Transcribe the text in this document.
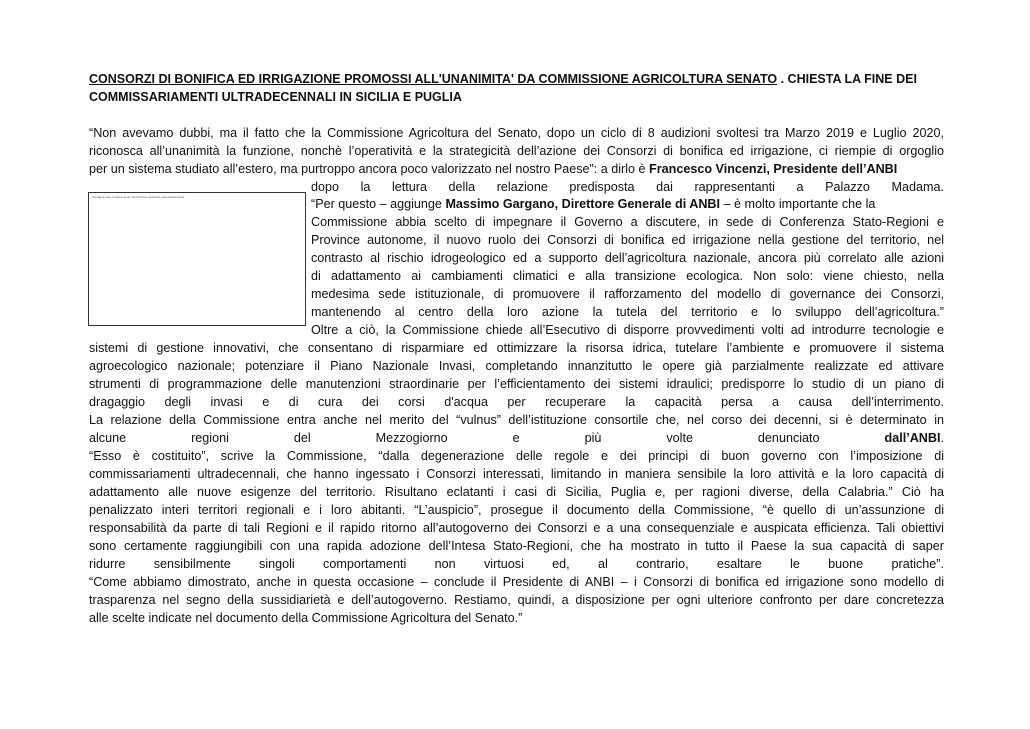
CONSORZI DI BONIFICA ED IRRIGAZIONE PROMOSSI ALL'UNANIMITA' DA COMMISSIONE AGRICOLTURA SENATO . CHIESTA LA FINE DEI
COMMISSARIAMENTI ULTRADECENNALI IN SICILIA E PUGLIA
Immagine che contiene testo. Descrizione generata automaticamente
“Non avevamo dubbi, ma il fatto che la Commissione Agricoltura del Senato, dopo un ciclo di 8 audizioni svoltesi tra Marzo 2019 e Luglio 2020,
riconosca all’unanimità la funzione, nonchè l’operatività e la strategicità dell’azione dei Consorzi di bonifica ed irrigazione, ci riempie di orgoglio
per un sistema studiato all’estero, ma purtroppo ancora poco valorizzato nel nostro Paese”: a dirlo è Francesco Vincenzi, Presidente dell’ANBI
dopo la lettura della relazione predisposta dai rappresentanti a Palazzo Madama.
“Per questo – aggiunge Massimo Gargano, Direttore Generale di ANBI – è molto importante che la
Commissione abbia scelto di impegnare il Governo a discutere, in sede di Conferenza Stato-Regioni e
Province autonome, il nuovo ruolo dei Consorzi di bonifica ed irrigazione nella gestione del territorio, nel
contrasto al rischio idrogeologico ed a supporto dell’agricoltura nazionale, ancora più correlato alle azioni
di adattamento ai cambiamenti climatici e alla transizione ecologica. Non solo: viene chiesto, nella
medesima sede istituzionale, di promuovere il rafforzamento del modello di governance dei Consorzi,
mantenendo al centro della loro azione la tutela del territorio e lo sviluppo dell’agricoltura.”
Oltre a ciò, la Commissione chiede all’Esecutivo di disporre provvedimenti volti ad introdurre tecnologie e
sistemi di gestione innovativi, che consentano di risparmiare ed ottimizzare la risorsa idrica, tutelare l’ambiente e promuovere il sistema
agroecologico nazionale; potenziare il Piano Nazionale Invasi, completando innanzitutto le opere già parzialmente realizzate ed attivare
strumenti di programmazione delle manutenzioni straordinarie per l’efficientamento dei sistemi idraulici; predisporre lo studio di un piano di
dragaggio degli invasi e di cura dei corsi d'acqua per recuperare la capacità persa a causa dell’interrimento.
La relazione della Commissione entra anche nel merito del “vulnus” dell’istituzione consortile che, nel corso dei decenni, si è determinato in
alcune regioni del Mezzogiorno e più volte denunciato dall’ANBI.
“Esso è costituito”, scrive la Commissione, “dalla degenerazione delle regole e dei principi di buon governo con l’imposizione di
commissariamenti ultradecennali, che hanno ingessato i Consorzi interessati, limitando in maniera sensibile la loro attività e la loro capacità di
adattamento alle nuove esigenze del territorio. Risultano eclatanti i casi di Sicilia, Puglia e, per ragioni diverse, della Calabria.” Ciò ha
penalizzato interi territori regionali e i loro abitanti. “L’auspicio”, prosegue il documento della Commissione, “è quello di un’assunzione di
responsabilità da parte di tali Regioni e il rapido ritorno all’autogoverno dei Consorzi e a una consequenziale e auspicata efficienza. Tali obiettivi
sono certamente raggiungibili con una rapida adozione dell’Intesa Stato-Regioni, che ha mostrato in tutto il Paese la sua capacità di saper
ridurre sensibilmente singoli comportamenti non virtuosi ed, al contrario, esaltare le buone pratiche”.
“Come abbiamo dimostrato, anche in questa occasione – conclude il Presidente di ANBI – i Consorzi di bonifica ed irrigazione sono modello di
trasparenza nel segno della sussidiarietà e dell’autogoverno. Restiamo, quindi, a disposizione per ogni ulteriore confronto per dare concretezza
alle scelte indicate nel documento della Commissione Agricoltura del Senato.”
